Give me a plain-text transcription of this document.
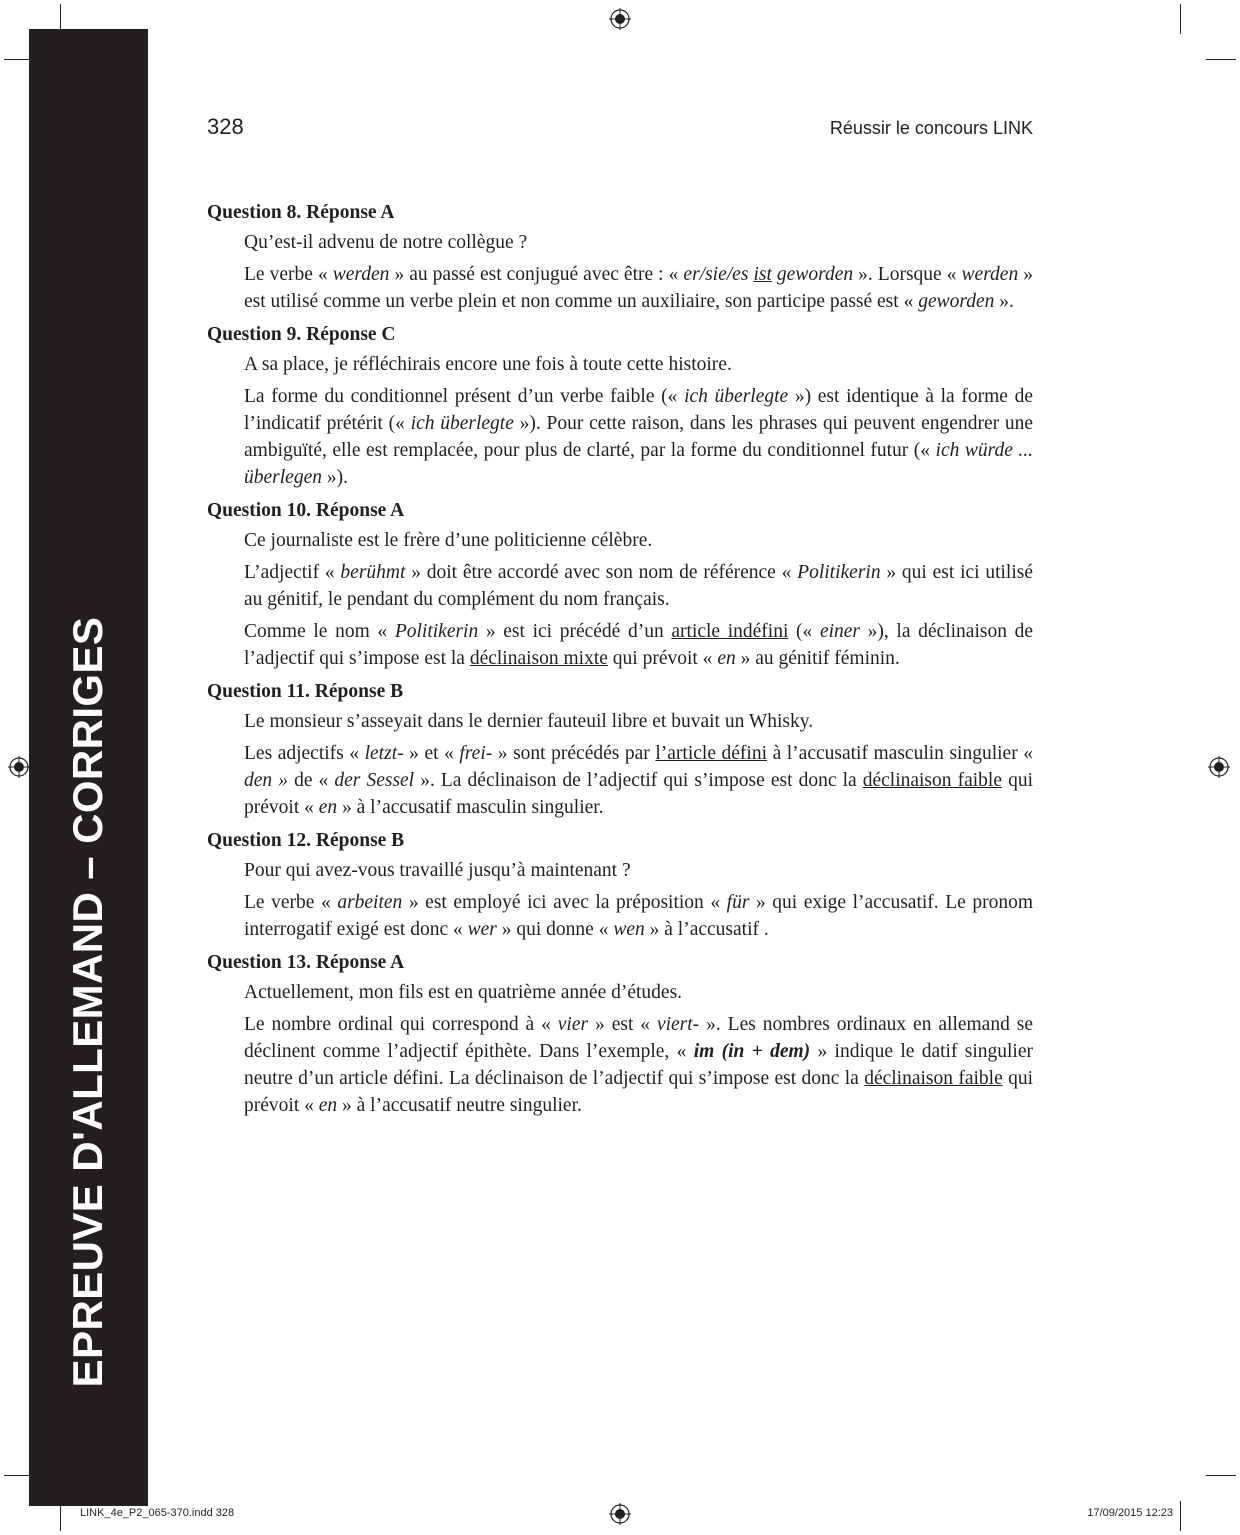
EPREUVE D'ALLEMAND – CORRIGES
328	Réussir le concours LINK
Question 8. Réponse A

Qu’est-il advenu de notre collègue ?

Le verbe « werden » au passé est conjugué avec être : « er/sie/es ist geworden ». Lorsque « werden » est utilisé comme un verbe plein et non comme un auxiliaire, son participe passé est « geworden ».

Question 9. Réponse C

A sa place, je réfléchirais encore une fois à toute cette histoire.

La forme du conditionnel présent d’un verbe faible (« ich überlegte ») est identique à la forme de l’indicatif prétérit (« ich überlegte »). Pour cette raison, dans les phrases qui peuvent engendrer une ambiguïté, elle est remplacée, pour plus de clarté, par la forme du conditionnel futur (« ich würde ... überlegen »).

Question 10. Réponse A

Ce journaliste est le frère d’une politicienne célèbre.

L’adjectif « berühmt » doit être accordé avec son nom de référence « Politikerin » qui est ici utilisé au génitif, le pendant du complément du nom français.

Comme le nom « Politikerin » est ici précédé d’un article indéfini (« einer »), la déclinaison de l’adjectif qui s’impose est la déclinaison mixte qui prévoit « en » au génitif féminin.

Question 11. Réponse B

Le monsieur s’asseyait dans le dernier fauteuil libre et buvait un Whisky.

Les adjectifs « letzt- » et « frei- » sont précédés par l’article défini à l’accusatif masculin singulier « den » de « der Sessel ». La déclinaison de l’adjectif qui s’impose est donc la déclinaison faible qui prévoit « en » à l’accusatif masculin singulier.

Question 12. Réponse B

Pour qui avez-vous travaillé jusqu’à maintenant ?

Le verbe « arbeiten » est employé ici avec la préposition « für » qui exige l’accusatif. Le pronom interrogatif exigé est donc « wer » qui donne « wen » à l’accusatif .

Question 13. Réponse A

Actuellement, mon fils est en quatrième année d’études.

Le nombre ordinal qui correspond à « vier » est « viert- ». Les nombres ordinaux en allemand se déclinent comme l’adjectif épithète. Dans l’exemple, « im (in + dem) » indique le datif singulier neutre d’un article défini. La déclinaison de l’adjectif qui s’impose est donc la déclinaison faible qui prévoit « en » à l’accusatif neutre singulier.

LINK_4e_P2_065-370.indd 328	17/09/2015 12:23
